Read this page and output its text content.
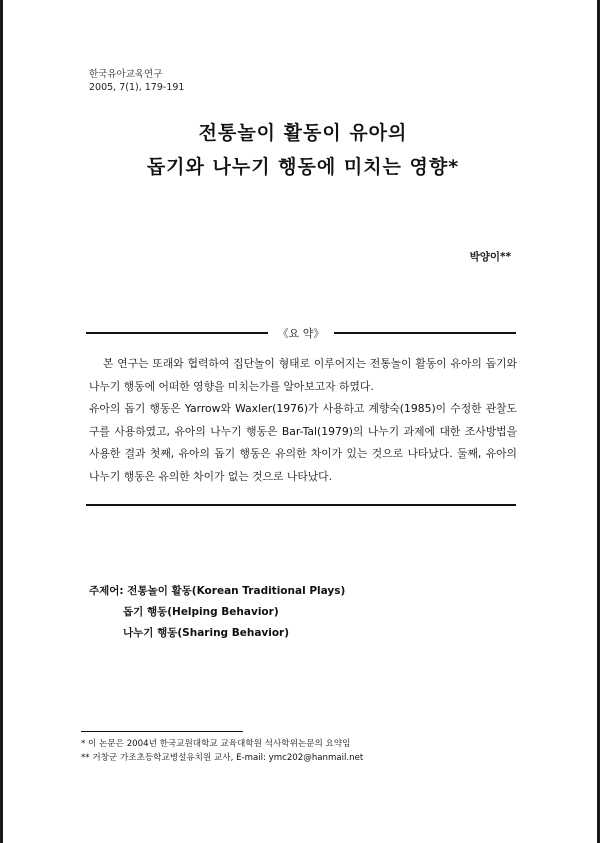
한국유아교육연구
2005, 7(1), 179-191
전통놀이 활동이 유아의
돕기와 나누기 행동에 미치는 영향*
박양이**
《요 약》

본 연구는 또래와 협력하여 집단놀이 형태로 이루어지는 전통놀이 활동이 유아의 돕기와 나누기 행동에 어떠한 영향을 미치는가를 알아보고자 하였다.

유아의 돕기 행동은 Yarrow와 Waxler(1976)가 사용하고 계향숙(1985)이 수정한 관찰도구를 사용하였고, 유아의 나누기 행동은 Bar-Tal(1979)의 나누기 과제에 대한 조사방법을 사용한 결과 첫째, 유아의 돕기 행동은 유의한 차이가 있는 것으로 나타났다. 둘째, 유아의 나누기 행동은 유의한 차이가 없는 것으로 나타났다.

주제어: 전통놀이 활동(Korean Traditional Plays)
돕기 행동(Helping Behavior)
나누기 행동(Sharing Behavior)
* 이 논문은 2004년 한국교원대학교 교육대학원 석사학위논문의 요약임
** 거창군 가조초등학교병설유치원 교사, E-mail: ymc202@hanmail.net
